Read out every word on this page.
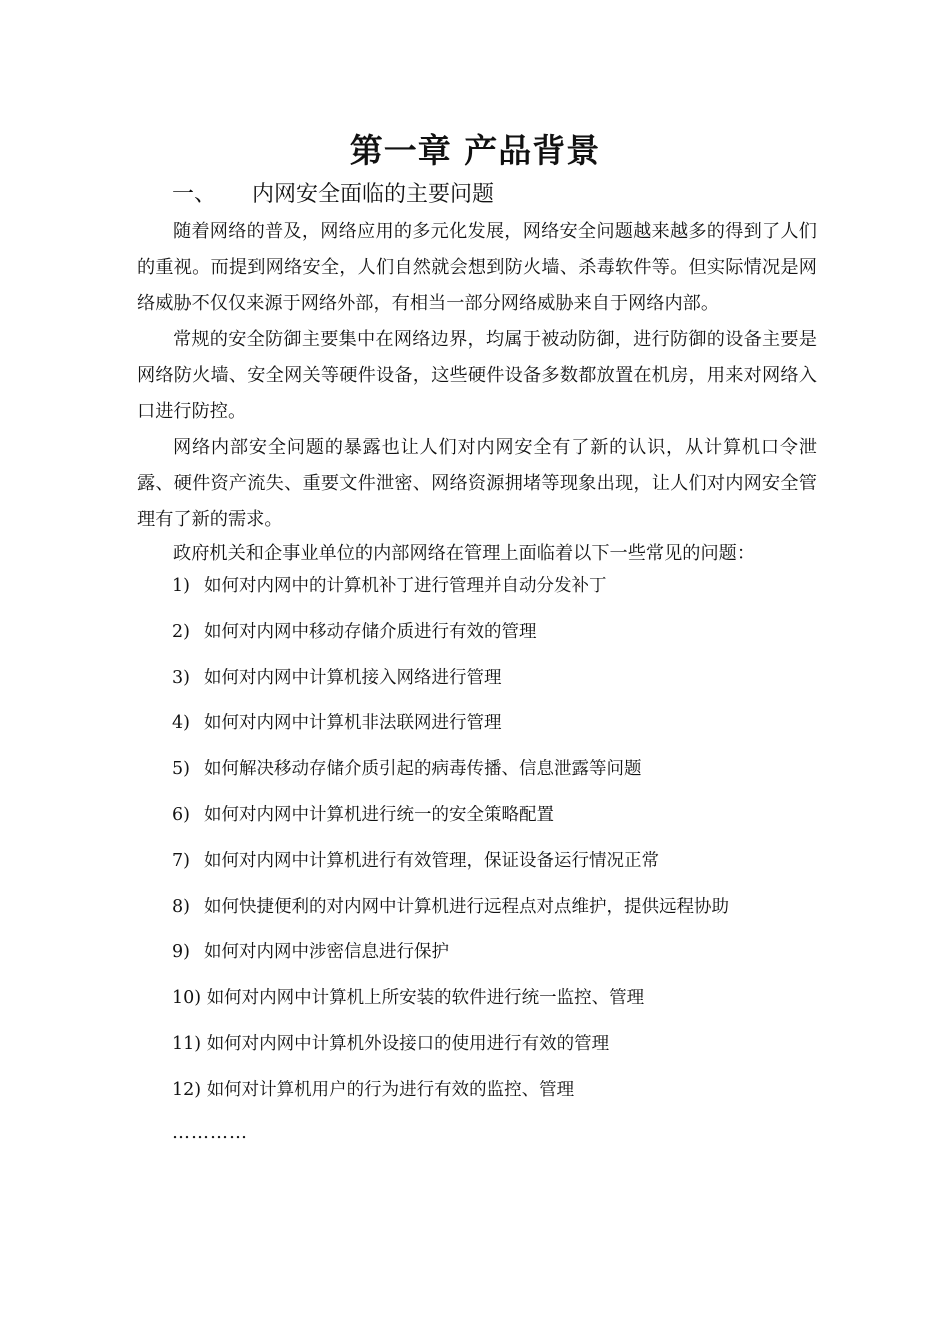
第一章 产品背景
一、 内网安全面临的主要问题

随着网络的普及，网络应用的多元化发展，网络安全问题越来越多的得到了人们的重视。而提到网络安全，人们自然就会想到防火墙、杀毒软件等。但实际情况是网络威胁不仅仅来源于网络外部，有相当一部分网络威胁来自于网络内部。

常规的安全防御主要集中在网络边界，均属于被动防御，进行防御的设备主要是网络防火墙、安全网关等硬件设备，这些硬件设备多数都放置在机房，用来对网络入口进行防控。

网络内部安全问题的暴露也让人们对内网安全有了新的认识，从计算机口令泄露、硬件资产流失、重要文件泄密、网络资源拥堵等现象出现，让人们对内网安全管理有了新的需求。

政府机关和企事业单位的内部网络在管理上面临着以下一些常见的问题：

1) 如何对内网中的计算机补丁进行管理并自动分发补丁
2) 如何对内网中移动存储介质进行有效的管理
3) 如何对内网中计算机接入网络进行管理
4) 如何对内网中计算机非法联网进行管理
5) 如何解决移动存储介质引起的病毒传播、信息泄露等问题
6) 如何对内网中计算机进行统一的安全策略配置
7) 如何对内网中计算机进行有效管理，保证设备运行情况正常
8) 如何快捷便利的对内网中计算机进行远程点对点维护，提供远程协助
9) 如何对内网中涉密信息进行保护
10) 如何对内网中计算机上所安装的软件进行统一监控、管理
11) 如何对内网中计算机外设接口的使用进行有效的管理
12) 如何对计算机用户的行为进行有效的监控、管理
…………
